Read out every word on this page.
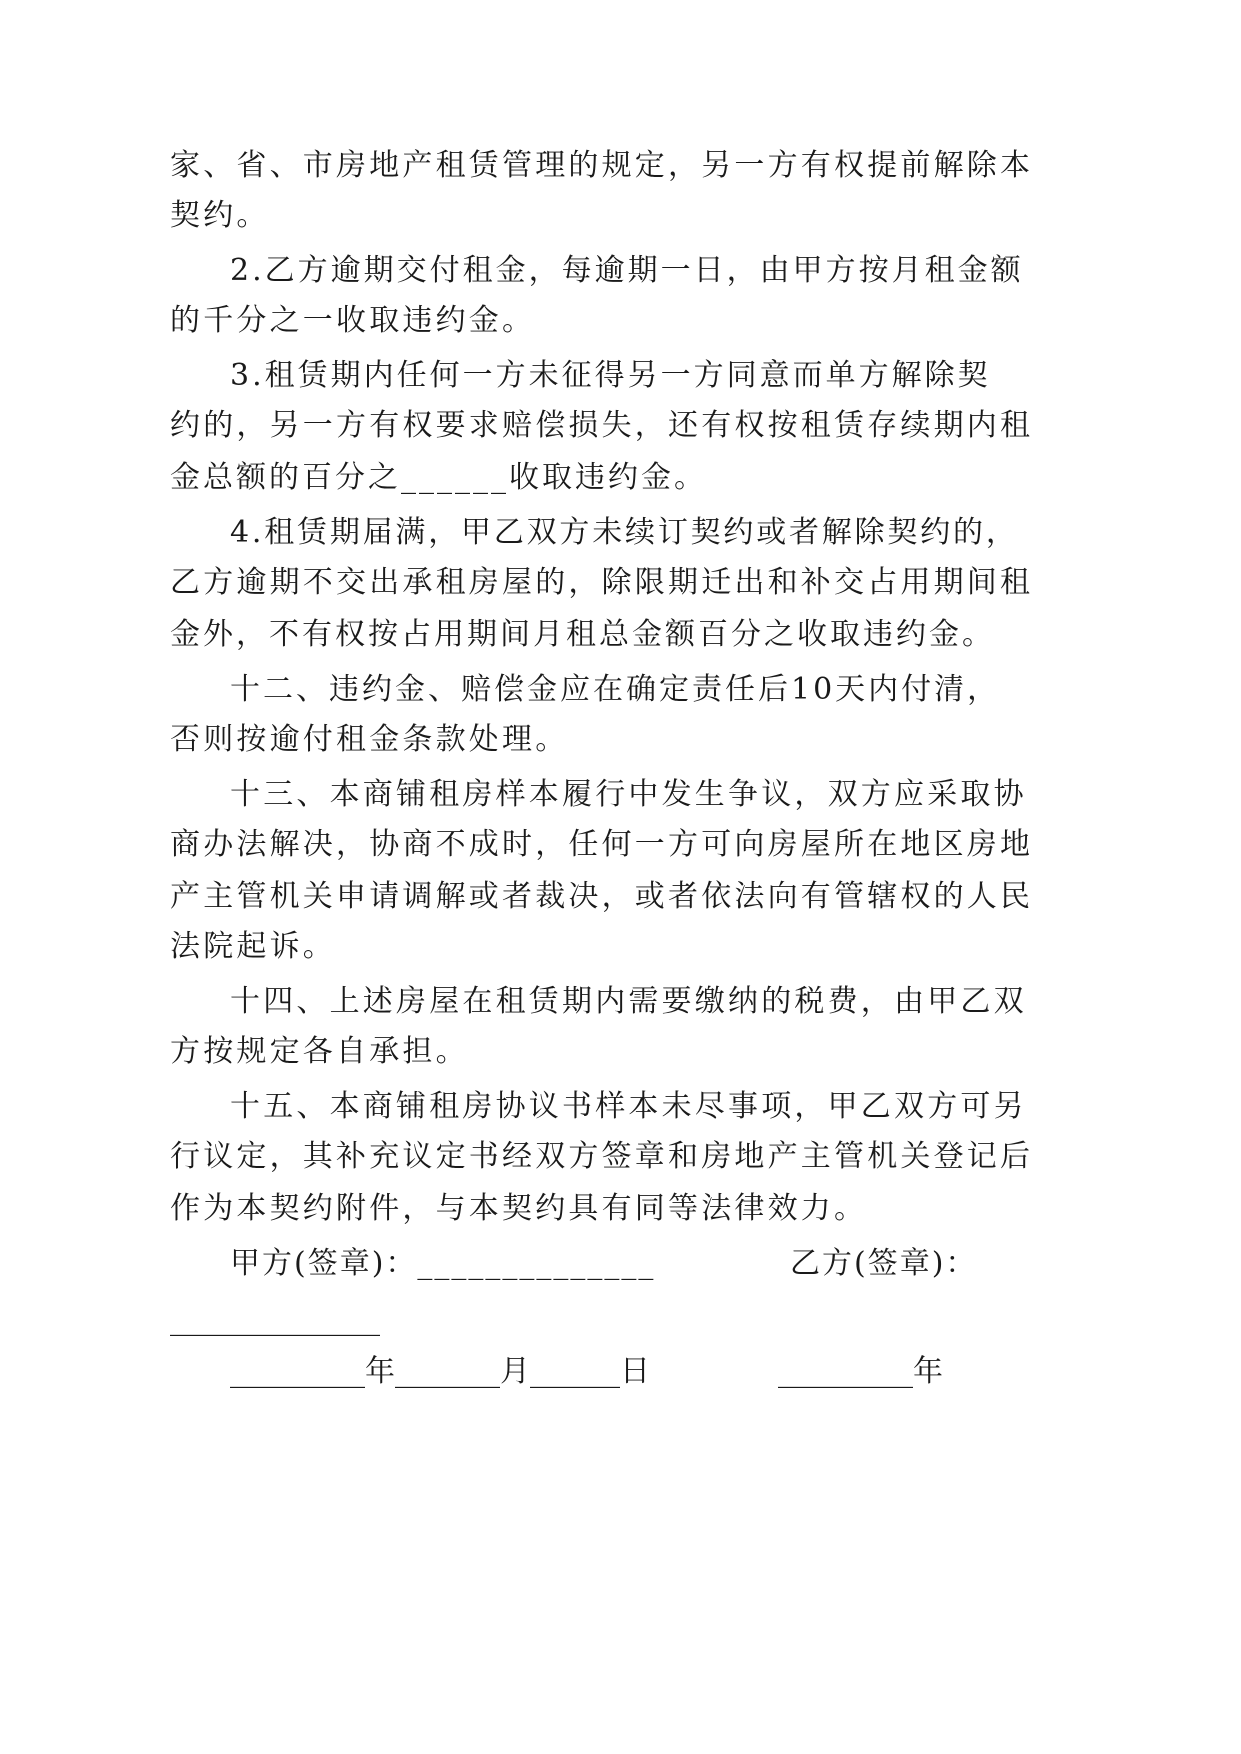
家、省、市房地产租赁管理的规定，另一方有权提前解除本
契约。
2.乙方逾期交付租金，每逾期一日，由甲方按月租金额
的千分之一收取违约金。
3.租赁期内任何一方未征得另一方同意而单方解除契
约的，另一方有权要求赔偿损失，还有权按租赁存续期内租
金总额的百分之______收取违约金。
4.租赁期届满，甲乙双方未续订契约或者解除契约的，
乙方逾期不交出承租房屋的，除限期迁出和补交占用期间租
金外，不有权按占用期间月租总金额百分之收取违约金。
十二、违约金、赔偿金应在确定责任后10天内付清，
否则按逾付租金条款处理。
十三、本商铺租房样本履行中发生争议，双方应采取协
商办法解决，协商不成时，任何一方可向房屋所在地区房地
产主管机关申请调解或者裁决，或者依法向有管辖权的人民
法院起诉。
十四、上述房屋在租赁期内需要缴纳的税费，由甲乙双
方按规定各自承担。
十五、本商铺租房协议书样本未尽事项，甲乙双方可另
行议定，其补充议定书经双方签章和房地产主管机关登记后
作为本契约附件，与本契约具有同等法律效力。
甲方(签章)：______________	乙方(签章)：
______________
_________年_______月______日	_________年
